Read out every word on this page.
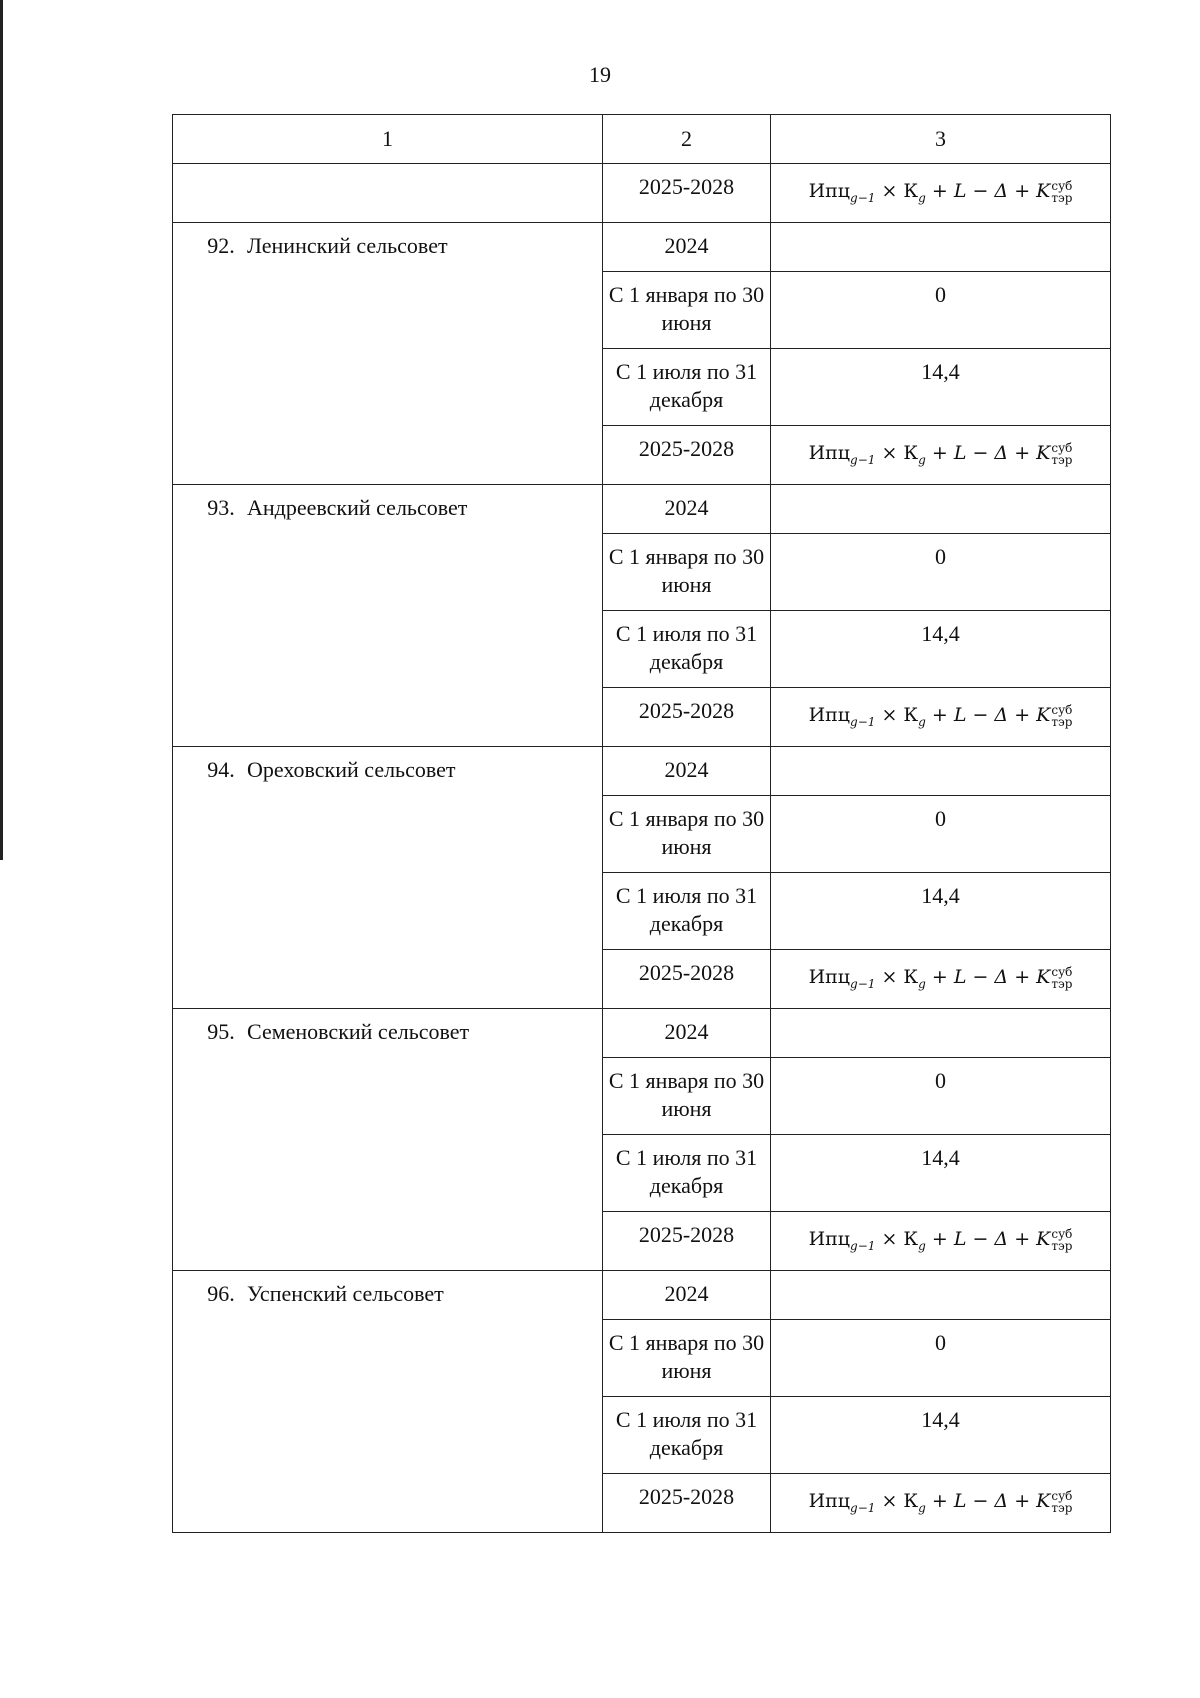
19
1	2	3

	2025-2028	$Ипц_{g-1} \times К_g + L - \Delta + K$ суб
тэр

92. Ленинский сельсовет	2024	

	С 1 января по 30 июня	0

	С 1 июля по 31 декабря	14,4

	2025-2028	$Ипц_{g-1} \times К_g + L - \Delta + K$ суб
тэр

93. Андреевский сельсовет	2024	

	С 1 января по 30 июня	0

	С 1 июля по 31 декабря	14,4

	2025-2028	$Ипц_{g-1} \times К_g + L - \Delta + K$ суб
тэр

94. Ореховский сельсовет	2024	

	С 1 января по 30 июня	0

	С 1 июля по 31 декабря	14,4

	2025-2028	$Ипц_{g-1} \times К_g + L - \Delta + K$ суб
тэр

95. Семеновский сельсовет	2024	

	С 1 января по 30 июня	0

	С 1 июля по 31 декабря	14,4

	2025-2028	$Ипц_{g-1} \times К_g + L - \Delta + K$ суб
тэр

96. Успенский сельсовет	2024	

	С 1 января по 30 июня	0

	С 1 июля по 31 декабря	14,4

	2025-2028	$Ипц_{g-1} \times К_g + L - \Delta + K$ суб
тэр
